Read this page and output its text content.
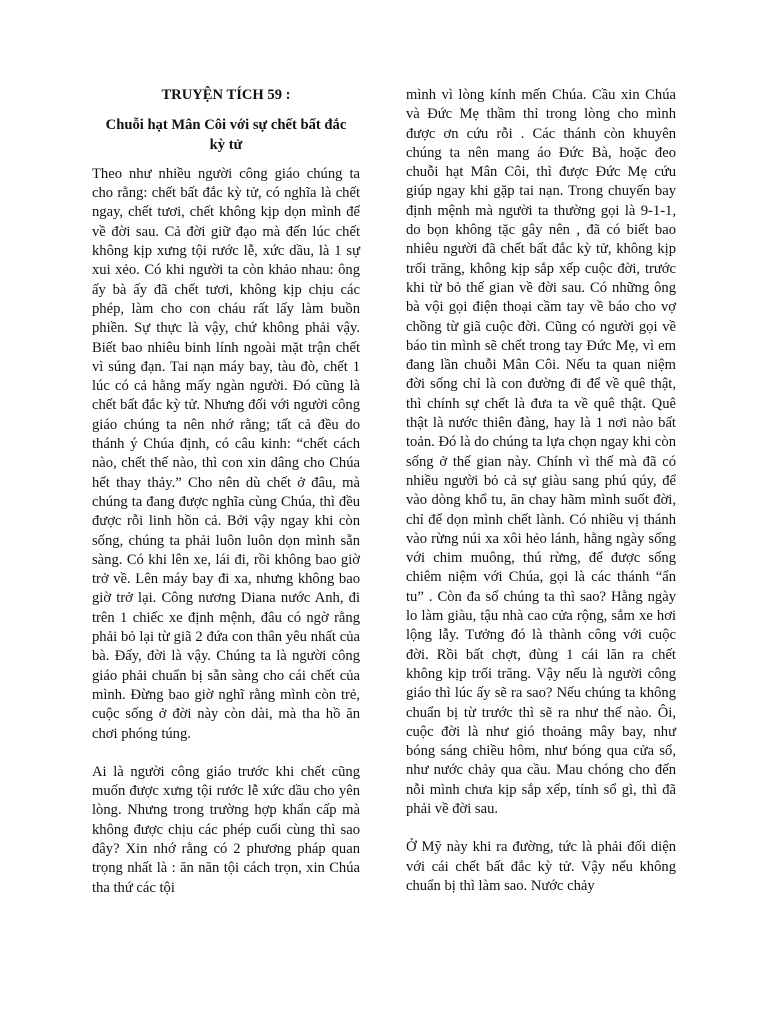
TRUYỆN TÍCH 59 :
Chuỗi hạt Mân Côi với sự chết bất đắc kỳ tử

Theo như nhiều người công giáo chúng ta cho rằng: chết bất đắc kỳ tử, có nghĩa là chết ngay, chết tươi, chết không kịp dọn mình để về đời sau. Cả đời giữ đạo mà đến lúc chết không kịp xưng tội rước lễ, xức dầu, là 1 sự xui xẻo. Có khi người ta còn khảo nhau: ông ấy bà ấy đã chết tươi, không kịp chịu các phép, làm cho con cháu rất lấy làm buồn phiền. Sự thực là vậy, chứ không phải vậy. Biết bao nhiêu binh lính ngoài mặt trận chết vì súng đạn. Tai nạn máy bay, tàu đò, chết 1 lúc có cả hằng mấy ngàn người. Đó cũng là chết bất đắc kỳ tử. Nhưng đối với người công giáo chúng ta nên nhớ rằng; tất cả đều do thánh ý Chúa định, có câu kinh: “chết cách nào, chết thế nào, thì con xin dâng cho Chúa hết thay thảy.” Cho nên dù chết ở đâu, mà chúng ta đang được nghĩa cùng Chúa, thì đều được rỗi linh hồn cả. Bởi vậy ngay khi còn sống, chúng ta phải luôn luôn dọn mình sẵn sàng. Có khi lên xe, lái đi, rồi không bao giờ trở về. Lên máy bay đi xa, nhưng không bao giờ trở lại. Công nương Diana nước Anh, đi trên 1 chiếc xe định mệnh, đâu có ngờ rằng phải bỏ lại từ giã 2 đứa con thân yêu nhất của bà. Đấy, đời là vậy. Chúng ta là người công giáo phải chuẩn bị sẵn sàng cho cái chết của mình. Đừng bao giờ nghĩ rằng mình còn trẻ, cuộc sống ở đời này còn dài, mà tha hồ ăn chơi phóng túng.

Ai là người công giáo trước khi chết cũng muốn được xưng tội rước lễ xức dầu cho yên lòng. Nhưng trong trường hợp khẩn cấp mà không được chịu các phép cuối cùng thì sao đây? Xin nhớ rằng có 2 phương pháp quan trọng nhất là : ăn năn tội cách trọn, xin Chúa tha thứ các tội

mình vì lòng kính mến Chúa. Cầu xin Chúa và Đức Mẹ thầm thỉ trong lòng cho mình được ơn cứu rỗi . Các thánh còn khuyên chúng ta nên mang áo Đức Bà, hoặc đeo chuỗi hạt Mân Côi, thì được Đức Mẹ cứu giúp ngay khi gặp tai nạn. Trong chuyến bay định mệnh mà người ta thường gọi là 9-1-1, do bọn không tặc gây nên , đã có biết bao nhiêu người đã chết bất đắc kỳ tử, không kịp trối trăng, không kịp sắp xếp cuộc đời, trước khi từ bỏ thế gian về đời sau. Có những ông bà vội gọi điện thoại cầm tay về báo cho vợ chồng từ giã cuộc đời. Cũng có người gọi về báo tin mình sẽ chết trong tay Đức Mẹ, vì em đang lần chuỗi Mân Côi. Nếu ta quan niệm đời sống chỉ là con đường đi để về quê thật, thì chính sự chết là đưa ta về quê thật. Quê thật là nước thiên đàng, hay là 1 nơi nào bất toản. Đó là do chúng ta lựa chọn ngay khi còn sống ở thế gian này. Chính vì thế mà đã có nhiều người bỏ cả sự giàu sang phú qúy, để vào dòng khổ tu, ăn chay hãm mình suốt đời, chỉ để dọn mình chết lành. Có nhiều vị thánh vào rừng núi xa xôi hẻo lánh, hằng ngày sống với chim muông, thú rừng, để được sống chiêm niệm với Chúa, gọi là các thánh “ẩn tu” . Còn đa số chúng ta thì sao? Hằng ngày lo làm giàu, tậu nhà cao cửa rộng, sắm xe hơi lộng lẫy. Tưởng đó là thành công với cuộc đời. Rồi bất chợt, đùng 1 cái lăn ra chết không kịp trối trăng. Vậy nếu là người công giáo thì lúc ấy sẽ ra sao? Nếu chúng ta không chuẩn bị từ trước thì sẽ ra như thế nào. Ôi, cuộc đời là như gió thoảng mây bay, như bóng sáng chiều hôm, như bóng qua cửa sổ, như nước chảy qua cầu. Mau chóng cho đến nỗi mình chưa kịp sắp xếp, tính sổ gì, thì đã phải về đời sau.

Ở Mỹ này khi ra đường, tức là phải đối diện với cái chết bất đắc kỳ tử. Vậy nếu không chuẩn bị thì làm sao. Nước chảy
